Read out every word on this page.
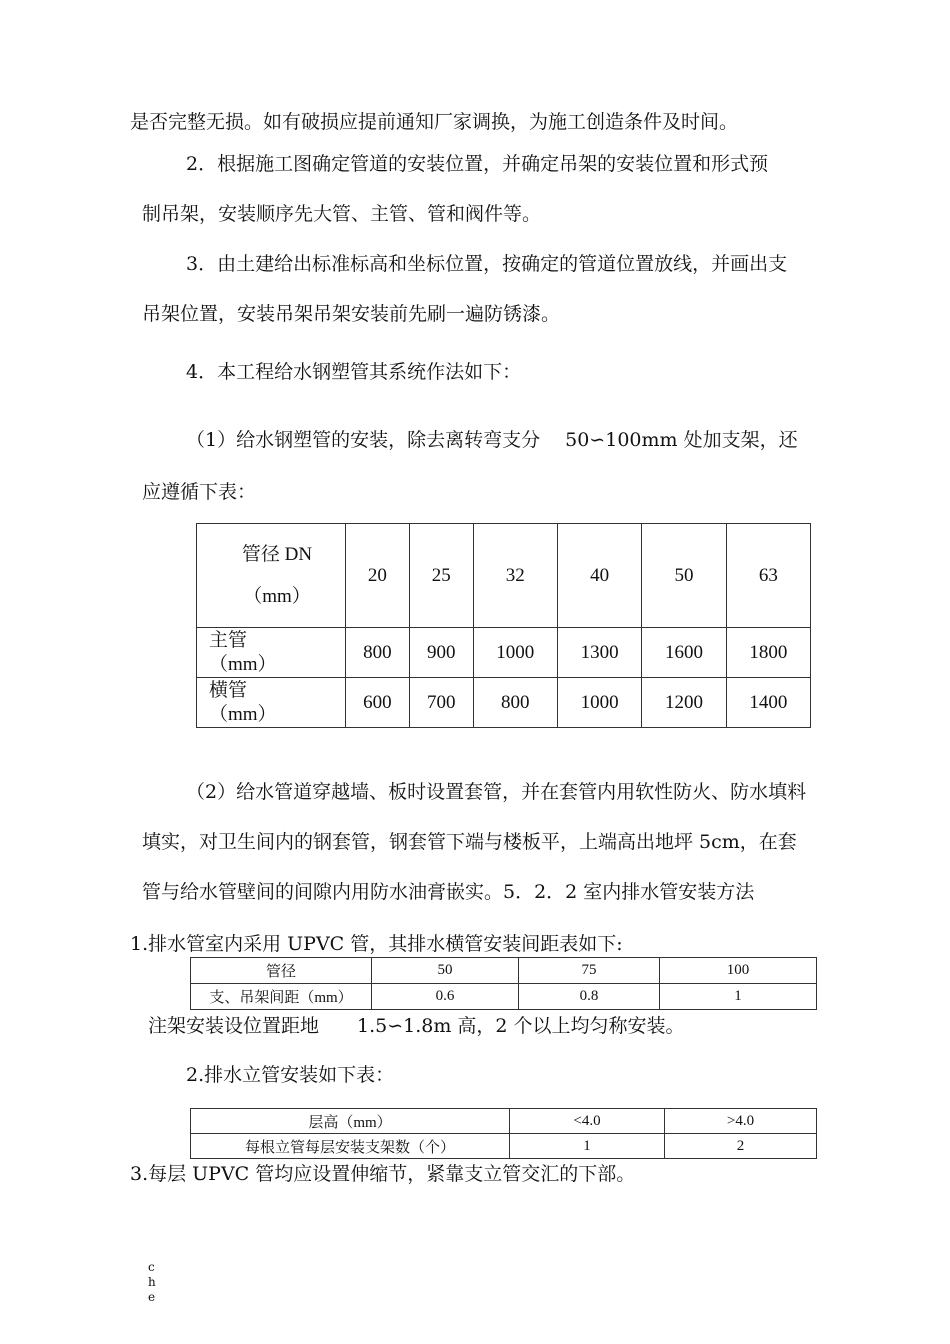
是否完整无损。如有破损应提前通知厂家调换，为施工创造条件及时间。
2．根据施工图确定管道的安装位置，并确定吊架的安装位置和形式预
制吊架，安装顺序先大管、主管、管和阀件等。
3．由土建给出标准标高和坐标位置，按确定的管道位置放线，并画出支
吊架位置，安装吊架吊架安装前先刷一遍防锈漆。
4．本工程给水钢塑管其系统作法如下：
（1）给水钢塑管的安装，除去离转弯支分　 50∽100mm 处加支架，还
应遵循下表：
管径 DN
（mm）	20	25	32	40	50	63

主管
（mm）	800	900	1000	1300	1600	1800

横管
（mm）	600	700	800	1000	1200	1400
（2）给水管道穿越墙、板时设置套管，并在套管内用软性防火、防水填料
填实，对卫生间内的钢套管，钢套管下端与楼板平，上端高出地坪 5cm，在套
管与给水管壁间的间隙内用防水油膏嵌实。5．2．2 室内排水管安装方法
1.排水管室内采用 UPVC 管，其排水横管安装间距表如下:
管径	50	75	100
支、吊架间距（mm）	0.6	0.8	1
注架安装设位置距地　　1.5∽1.8m 高，2 个以上均匀称安装。
2.排水立管安装如下表：
层高（mm）	<4.0	>4.0
每根立管每层安装支架数（个）	1	2
3.每层 UPVC 管均应设置伸缩节，紧靠支立管交汇的下部。
c
h
e
